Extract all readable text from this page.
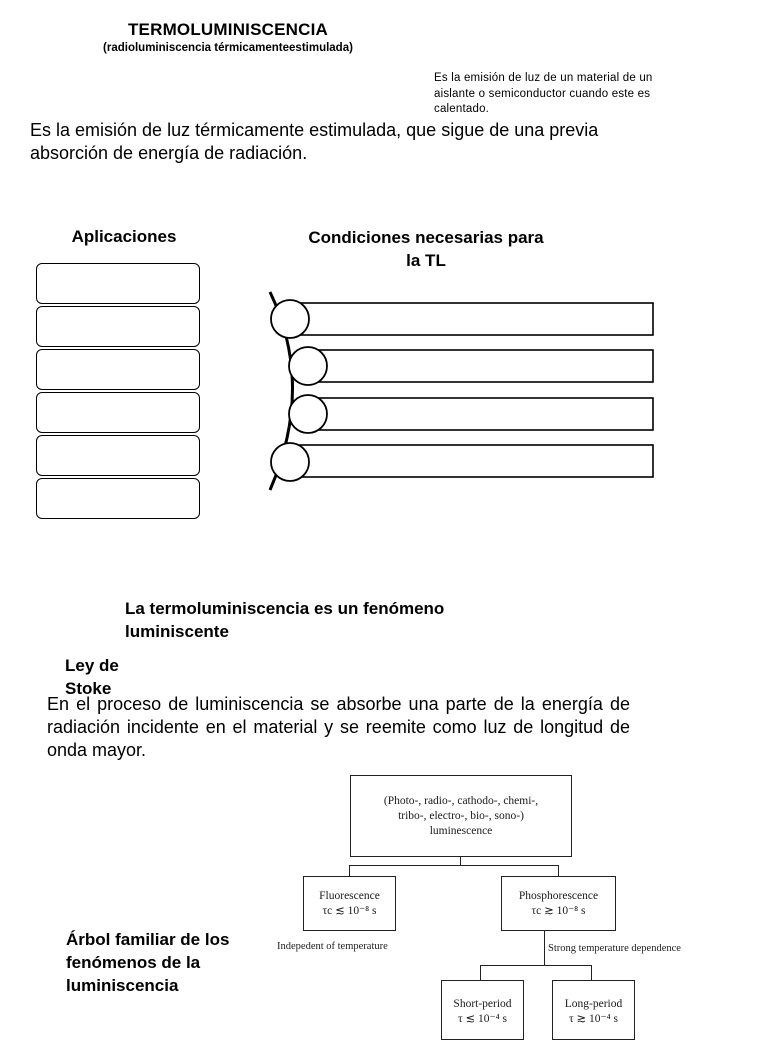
TERMOLUMINISCENCIA
(radioluminiscencia térmicamenteestimulada)
Es la emisión de luz de un material de un aislante o semiconductor cuando este es calentado.
Es la emisión de luz térmicamente estimulada, que sigue de una previa absorción de energía de radiación.
Aplicaciones	Condiciones necesarias para la TL
La termoluminiscencia es un fenómeno luminiscente
Ley de Stoke
En el proceso de luminiscencia se absorbe una parte de la energía de radiación incidente en el material y se reemite como luz de longitud de onda mayor.
Árbol familiar de los fenómenos de la luminiscencia
(Photo-, radio-, cathodo-, chemi-,
tribo-, electro-, bio-, sono-)
luminescence
Fluorescence
τc ≲ 10⁻⁸ s
Indepedent of temperature
Phosphorescence
τc ≳ 10⁻⁸ s
Strong temperature dependence
Short-period
τ ≲ 10⁻⁴ s
Long-period
τ ≳ 10⁻⁴ s
